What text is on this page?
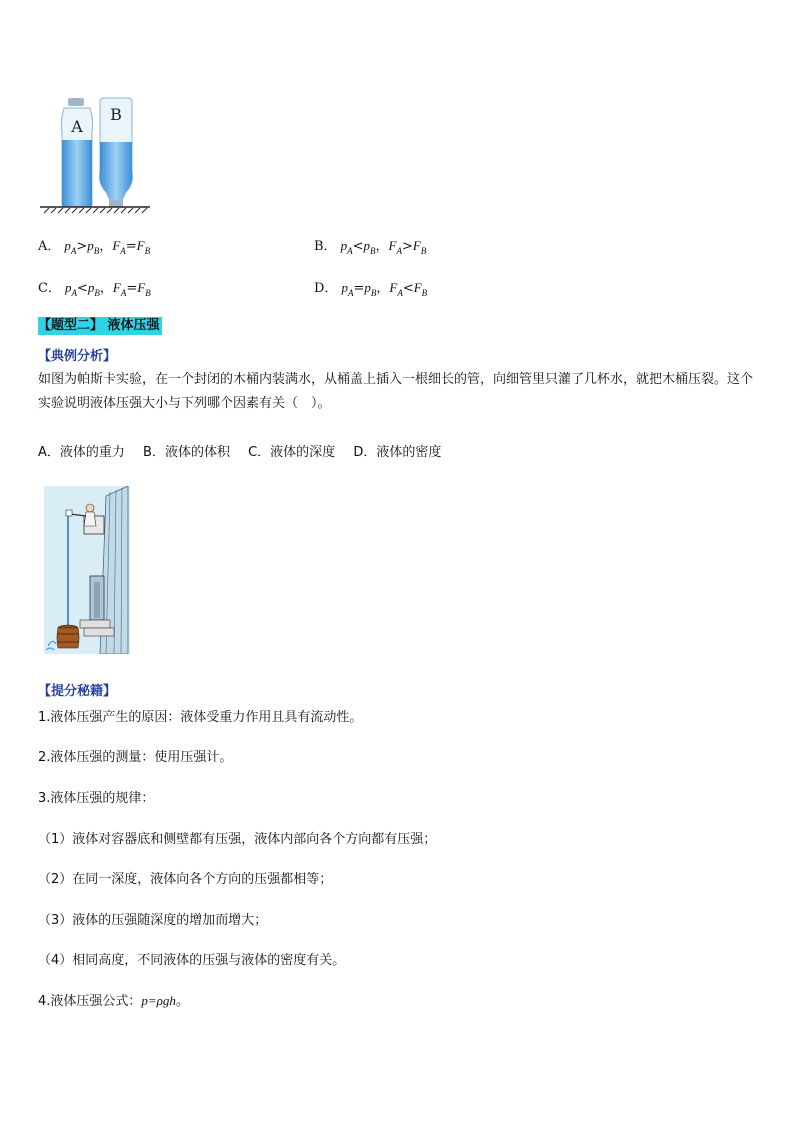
A
B
A． $p_A>p_B$，$F_A=F_B$	B． $p_A<p_B$，$F_A>F_B$
C． $p_A<p_B$，$F_A=F_B$	D． $p_A=p_B$，$F_A<F_B$
【题型二】 液体压强
【典例分析】
如图为帕斯卡实验，在一个封闭的木桶内装满水，从桶盖上插入一根细长的管，向细管里只灌了几杯水，就把木桶压裂。这个实验说明液体压强大小与下列哪个因素有关（　）。
A．液体的重力 B．液体的体积 C．液体的深度 D．液体的密度
【提分秘籍】
1.液体压强产生的原因：液体受重力作用且具有流动性。
2.液体压强的测量：使用压强计。
3.液体压强的规律：
（1）液体对容器底和侧壁都有压强，液体内部向各个方向都有压强；
（2）在同一深度，液体向各个方向的压强都相等；
（3）液体的压强随深度的增加而增大；
（4）相同高度，不同液体的压强与液体的密度有关。
4.液体压强公式：p=ρgh。
